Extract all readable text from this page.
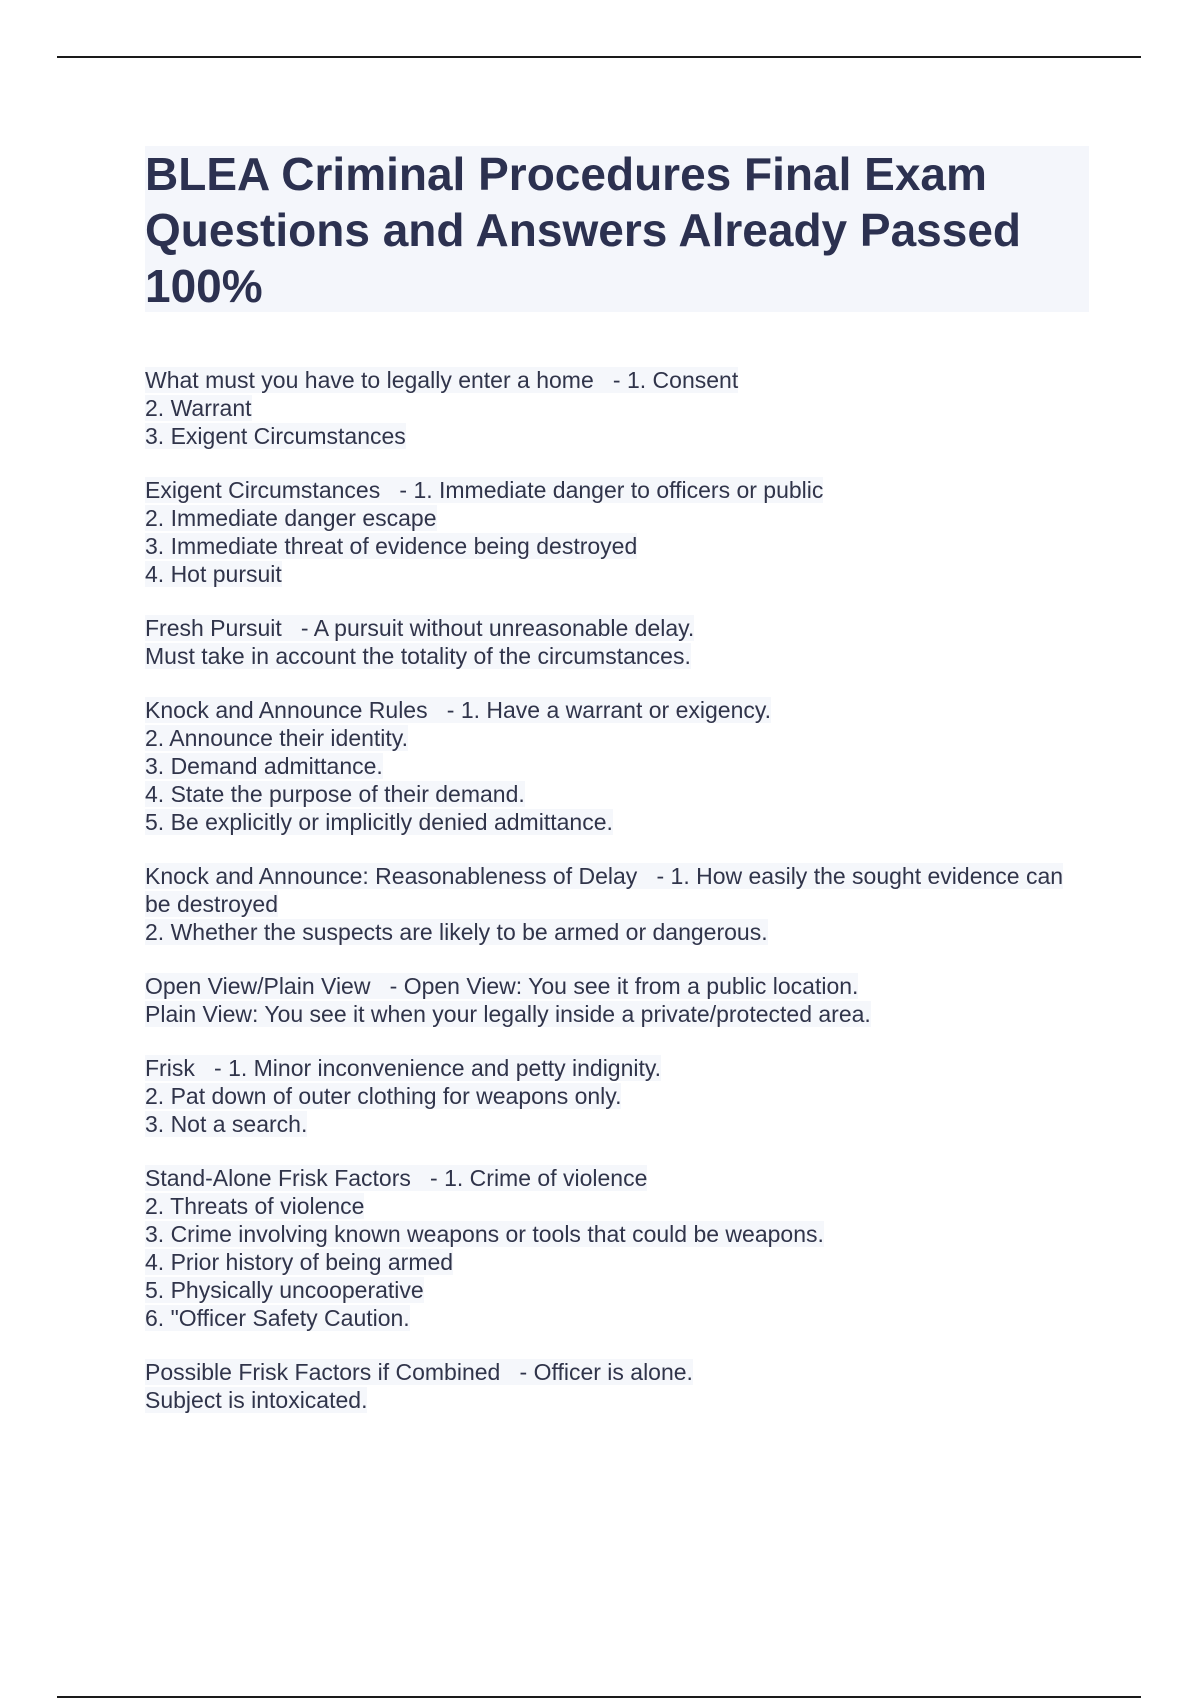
BLEA Criminal Procedures Final Exam Questions and Answers Already Passed 100%
What must you have to legally enter a home   - 1. Consent
2. Warrant
3. Exigent Circumstances
Exigent Circumstances   - 1. Immediate danger to officers or public
2. Immediate danger escape
3. Immediate threat of evidence being destroyed
4. Hot pursuit
Fresh Pursuit   - A pursuit without unreasonable delay.
Must take in account the totality of the circumstances.
Knock and Announce Rules   - 1. Have a warrant or exigency.
2. Announce their identity.
3. Demand admittance.
4. State the purpose of their demand.
5. Be explicitly or implicitly denied admittance.
Knock and Announce: Reasonableness of Delay   - 1. How easily the sought evidence can be destroyed
2. Whether the suspects are likely to be armed or dangerous.
Open View/Plain View   - Open View: You see it from a public location.
Plain View: You see it when your legally inside a private/protected area.
Frisk   - 1. Minor inconvenience and petty indignity.
2. Pat down of outer clothing for weapons only.
3. Not a search.
Stand-Alone Frisk Factors   - 1. Crime of violence
2. Threats of violence
3. Crime involving known weapons or tools that could be weapons.
4. Prior history of being armed
5. Physically uncooperative
6. "Officer Safety Caution.
Possible Frisk Factors if Combined   - Officer is alone.
Subject is intoxicated.
